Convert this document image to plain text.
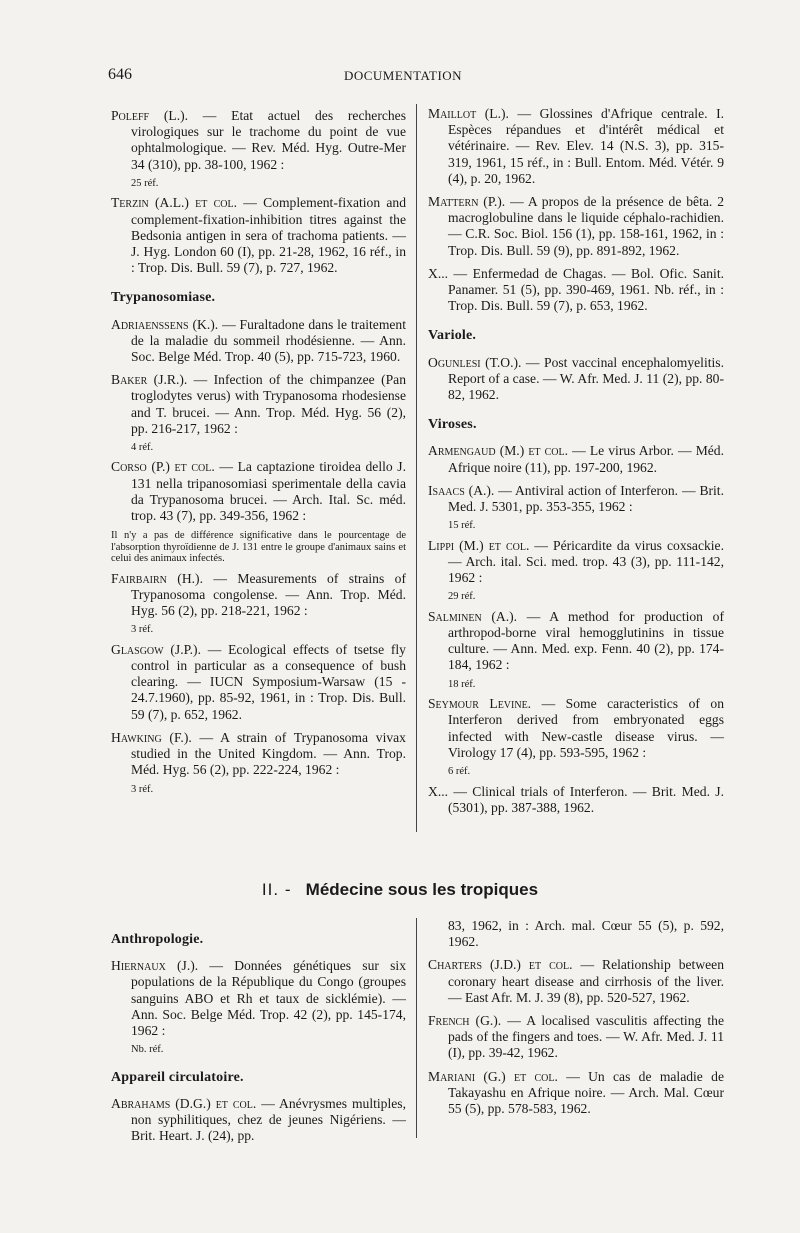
646	DOCUMENTATION
Poleff (L.). — Etat actuel des recherches virologiques sur le trachome du point de vue ophtalmologique. — Rev. Méd. Hyg. Outre-Mer 34 (310), pp. 38-100, 1962 :
25 réf.
Terzin (A.L.) et col. — Complement-fixation and complement-fixation-inhibition titres against the Bedsonia antigen in sera of trachoma patients. — J. Hyg. London 60 (I), pp. 21-28, 1962, 16 réf., in : Trop. Dis. Bull. 59 (7), p. 727, 1962.
Trypanosomiase.
Adriaenssens (K.). — Furaltadone dans le traitement de la maladie du sommeil rhodésienne. — Ann. Soc. Belge Méd. Trop. 40 (5), pp. 715-723, 1960.
Baker (J.R.). — Infection of the chimpanzee (Pan troglodytes verus) with Trypanosoma rhodesiense and T. brucei. — Ann. Trop. Méd. Hyg. 56 (2), pp. 216-217, 1962 :
4 réf.
Corso (P.) et col. — La captazione tiroidea dello J. 131 nella tripanosomiasi sperimentale della cavia da Trypanosoma brucei. — Arch. Ital. Sc. méd. trop. 43 (7), pp. 349-356, 1962 :
Il n'y a pas de différence significative dans le pourcentage de l'absorption thyroïdienne de J. 131 entre le groupe d'animaux sains et celui des animaux infectés.
Fairbairn (H.). — Measurements of strains of Trypanosoma congolense. — Ann. Trop. Méd. Hyg. 56 (2), pp. 218-221, 1962 :
3 réf.
Glasgow (J.P.). — Ecological effects of tsetse fly control in particular as a consequence of bush clearing. — IUCN Symposium-Warsaw (15 - 24.7.1960), pp. 85-92, 1961, in : Trop. Dis. Bull. 59 (7), p. 652, 1962.
Hawking (F.). — A strain of Trypanosoma vivax studied in the United Kingdom. — Ann. Trop. Méd. Hyg. 56 (2), pp. 222-224, 1962 :
3 réf.
Maillot (L.). — Glossines d'Afrique centrale. I. Espèces répandues et d'intérêt médical et vétérinaire. — Rev. Elev. 14 (N.S. 3), pp. 315-319, 1961, 15 réf., in : Bull. Entom. Méd. Vétér. 9 (4), p. 20, 1962.
Mattern (P.). — A propos de la présence de bêta. 2 macroglobuline dans le liquide céphalo-rachidien. — C.R. Soc. Biol. 156 (1), pp. 158-161, 1962, in : Trop. Dis. Bull. 59 (9), pp. 891-892, 1962.
X... — Enfermedad de Chagas. — Bol. Ofic. Sanit. Panamer. 51 (5), pp. 390-469, 1961. Nb. réf., in : Trop. Dis. Bull. 59 (7), p. 653, 1962.
Variole.
Ogunlesi (T.O.). — Post vaccinal encephalomyelitis. Report of a case. — W. Afr. Med. J. 11 (2), pp. 80-82, 1962.
Viroses.
Armengaud (M.) et col. — Le virus Arbor. — Méd. Afrique noire (11), pp. 197-200, 1962.
Isaacs (A.). — Antiviral action of Interferon. — Brit. Med. J. 5301, pp. 353-355, 1962 :
15 réf.
Lippi (M.) et col. — Péricardite da virus coxsackie. — Arch. ital. Sci. med. trop. 43 (3), pp. 111-142, 1962 :
29 réf.
Salminen (A.). — A method for production of arthropod-borne viral hemogglutinins in tissue culture. — Ann. Med. exp. Fenn. 40 (2), pp. 174-184, 1962 :
18 réf.
Seymour Levine. — Some caracteristics of on Interferon derived from embryonated eggs infected with New-castle disease virus. — Virology 17 (4), pp. 593-595, 1962 :
6 réf.
X... — Clinical trials of Interferon. — Brit. Med. J. (5301), pp. 387-388, 1962.
II. - Médecine sous les tropiques
Anthropologie.
Hiernaux (J.). — Données génétiques sur six populations de la République du Congo (groupes sanguins ABO et Rh et taux de sicklémie). — Ann. Soc. Belge Méd. Trop. 42 (2), pp. 145-174, 1962 :
Nb. réf.
Appareil circulatoire.
Abrahams (D.G.) et col. — Anévrysmes multiples, non syphilitiques, chez de jeunes Nigériens. — Brit. Heart. J. (24), pp.
83, 1962, in : Arch. mal. Cœur 55 (5), p. 592, 1962.
Charters (J.D.) et col. — Relationship between coronary heart disease and cirrhosis of the liver. — East Afr. M. J. 39 (8), pp. 520-527, 1962.
French (G.). — A localised vasculitis affecting the pads of the fingers and toes. — W. Afr. Med. J. 11 (I), pp. 39-42, 1962.
Mariani (G.) et col. — Un cas de maladie de Takayashu en Afrique noire. — Arch. Mal. Cœur 55 (5), pp. 578-583, 1962.
